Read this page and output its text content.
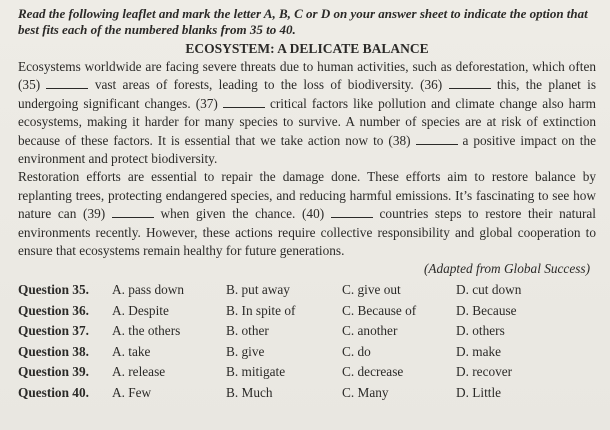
Read the following leaflet and mark the letter A, B, C or D on your answer sheet to indicate the option that best fits each of the numbered blanks from 35 to 40.

ECOSYSTEM: A DELICATE BALANCE

Ecosystems worldwide are facing severe threats due to human activities, such as deforestation, which often (35)	vast areas of forests, leading to the loss of biodiversity. (36)	this, the planet is undergoing significant changes. (37)	critical factors like pollution and climate change also harm ecosystems, making it harder for many species to survive. A number of species are at risk of extinction because of these factors. It is essential that we take action now to (38)	a positive impact on the environment and protect biodiversity.

Restoration efforts are essential to repair the damage done. These efforts aim to restore balance by replanting trees, protecting endangered species, and reducing harmful emissions. It’s fascinating to see how nature can (39)	when given the chance. (40)	countries steps to restore their natural environments recently. However, these actions require collective responsibility and global cooperation to ensure that ecosystems remain healthy for future generations.

(Adapted from Global Success)
Question 35.	A. pass down	B. put away	C. give out	D. cut down
Question 36.	A. Despite	B. In spite of	C. Because of	D. Because
Question 37.	A. the others	B. other	C. another	D. others
Question 38.	A. take	B. give	C. do	D. make
Question 39.	A. release	B. mitigate	C. decrease	D. recover
Question 40.	A. Few	B. Much	C. Many	D. Little
